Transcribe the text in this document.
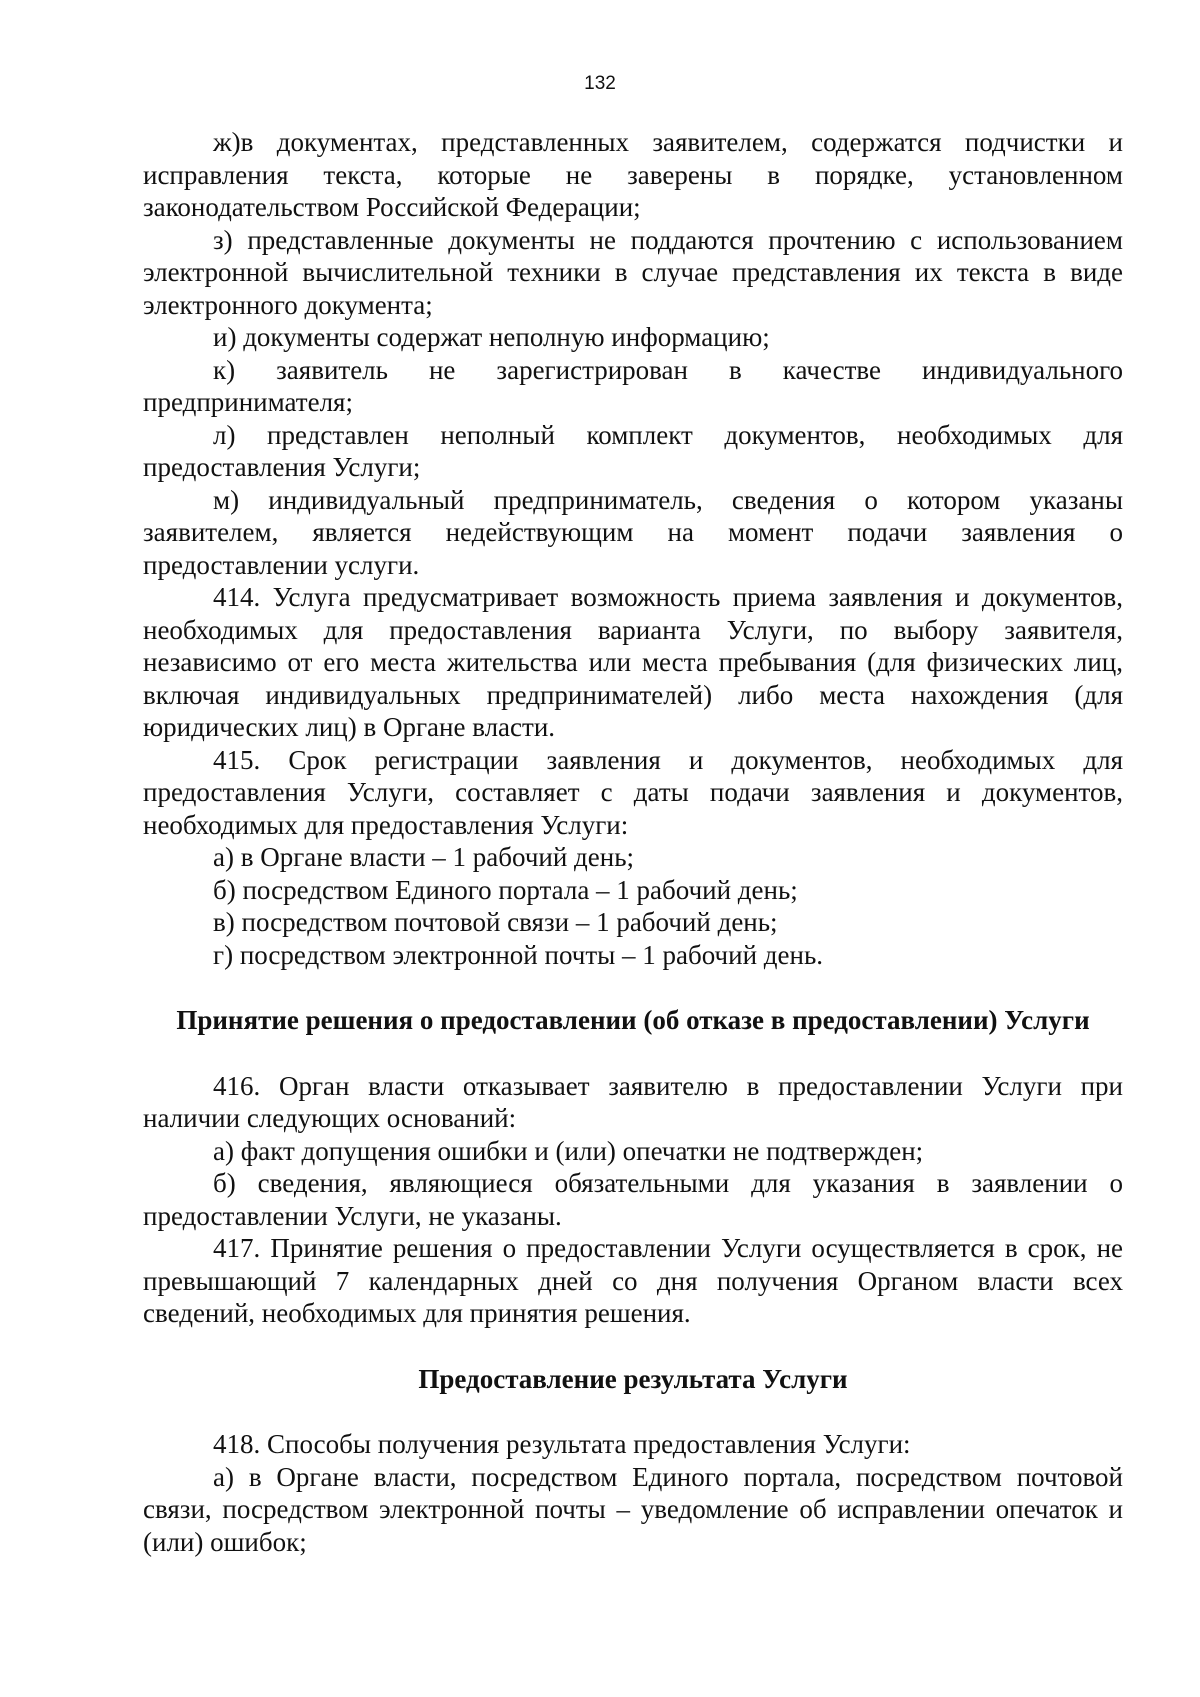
132

ж)в документах, представленных заявителем, содержатся подчистки и исправления текста, которые не заверены в порядке, установленном законодательством Российской Федерации;

з) представленные документы не поддаются прочтению с использованием электронной вычислительной техники в случае представления их текста в виде электронного документа;

и) документы содержат неполную информацию;

к) заявитель не зарегистрирован в качестве индивидуального предпринимателя;

л) представлен неполный комплект документов, необходимых для предоставления Услуги;

м) индивидуальный предприниматель, сведения о котором указаны заявителем, является недействующим на момент подачи заявления о предоставлении услуги.

414. Услуга предусматривает возможность приема заявления и документов, необходимых для предоставления варианта Услуги, по выбору заявителя, независимо от его места жительства или места пребывания (для физических лиц, включая индивидуальных предпринимателей) либо места нахождения (для юридических лиц) в Органе власти.

415. Срок регистрации заявления и документов, необходимых для предоставления Услуги, составляет с даты подачи заявления и документов, необходимых для предоставления Услуги:

а) в Органе власти – 1 рабочий день;

б) посредством Единого портала – 1 рабочий день;

в) посредством почтовой связи – 1 рабочий день;

г) посредством электронной почты – 1 рабочий день.

Принятие решения о предоставлении (об отказе в предоставлении) Услуги

416. Орган власти отказывает заявителю в предоставлении Услуги при наличии следующих оснований:

а) факт допущения ошибки и (или) опечатки не подтвержден;

б) сведения, являющиеся обязательными для указания в заявлении о предоставлении Услуги, не указаны.

417. Принятие решения о предоставлении Услуги осуществляется в срок, не превышающий 7 календарных дней со дня получения Органом власти всех сведений, необходимых для принятия решения.

Предоставление результата Услуги

418. Способы получения результата предоставления Услуги:

а) в Органе власти, посредством Единого портала, посредством почтовой связи, посредством электронной почты – уведомление об исправлении опечаток и (или) ошибок;
